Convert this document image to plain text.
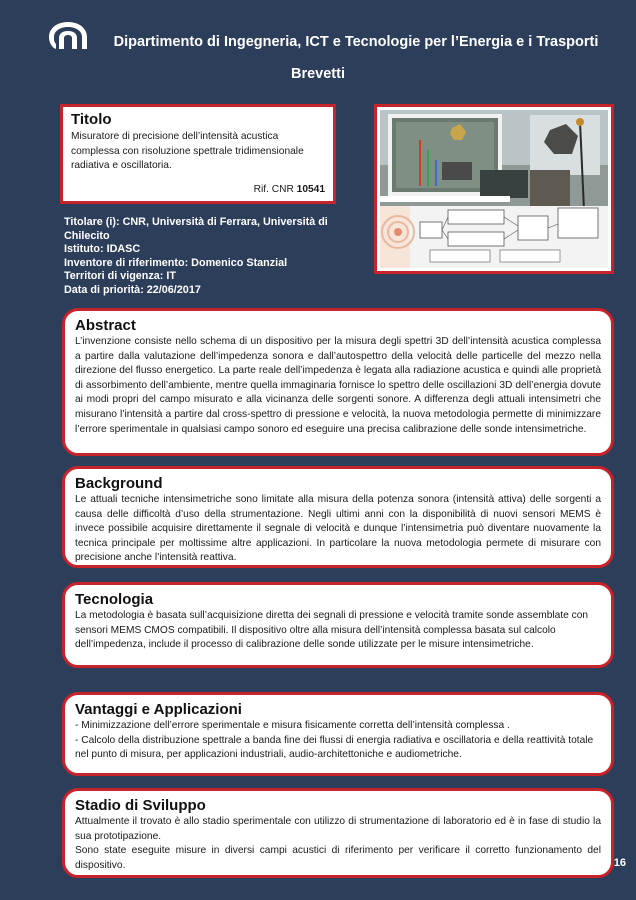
Dipartimento di Ingegneria, ICT e Tecnologie per l’Energia e i Trasporti
Brevetti
Titolo
Misuratore di precisione dell’intensità acustica complessa con risoluzione spettrale tridimensionale radiativa e oscillatoria.
Rif. CNR 10541
Titolare (i): CNR, Università di Ferrara, Università di Chilecito
Istituto: IDASC
Inventore di riferimento: Domenico Stanzial
Territori di vigenza: IT
Data di priorità: 22/06/2017
Abstract

L’invenzione consiste nello schema di un dispositivo per la misura degli spettri 3D dell’intensità acustica complessa a partire dalla valutazione dell’impedenza sonora e dall’autospettro della velocità delle particelle del mezzo nella direzione del flusso energetico. La parte reale dell’impedenza è legata alla radiazione acustica e quindi alle proprietà di assorbimento dell’ambiente, mentre quella immaginaria fornisce lo spettro delle oscillazioni 3D dell’energia dovute ai modi propri del campo misurato e alla vicinanza delle sorgenti sonore. A differenza degli attuali intensimetri che misurano l’intensità a partire dal cross-spettro di pressione e velocità, la nuova metodologia permette di minimizzare l’errore sperimentale in qualsiasi campo sonoro ed eseguire una precisa calibrazione delle sonde intensimetriche.

Background

Le attuali tecniche intensimetriche sono limitate alla misura della potenza sonora (intensità attiva) delle sorgenti a causa delle difficoltà d’uso della strumentazione. Negli ultimi anni con la disponibilità di nuovi sensori MEMS è invece possibile acquisire direttamente il segnale di velocità e dunque l’intensimetria può diventare nuovamente la tecnica principale per moltissime altre applicazioni. In particolare la nuova metodologia permete di misurare con precisione anche l’intensità reattiva.

Tecnologia

La metodologia è basata sull’acquisizione diretta dei segnali di pressione e velocità tramite sonde assemblate con sensori MEMS CMOS compatibili. Il dispositivo oltre alla misura dell’intensità complessa basata sul calcolo dell’impedenza, include il processo di calibrazione delle sonde utilizzate per le misure intensimetriche.

Vantaggi e Applicazioni

- Minimizzazione dell’errore sperimentale e misura fisicamente corretta dell’intensità complessa .

- Calcolo della distribuzione spettrale a banda fine dei flussi di energia radiativa e oscillatoria e della reattività totale nel punto di misura, per applicazioni industriali, audio-architettoniche e audiometriche.

Stadio di Sviluppo

Attualmente il trovato è allo stadio sperimentale con utilizzo di strumentazione di laboratorio ed è in fase di studio la sua prototipazione.

Sono state eseguite misure in diversi campi acustici di riferimento per verificare il corretto funzionamento del dispositivo.	16
